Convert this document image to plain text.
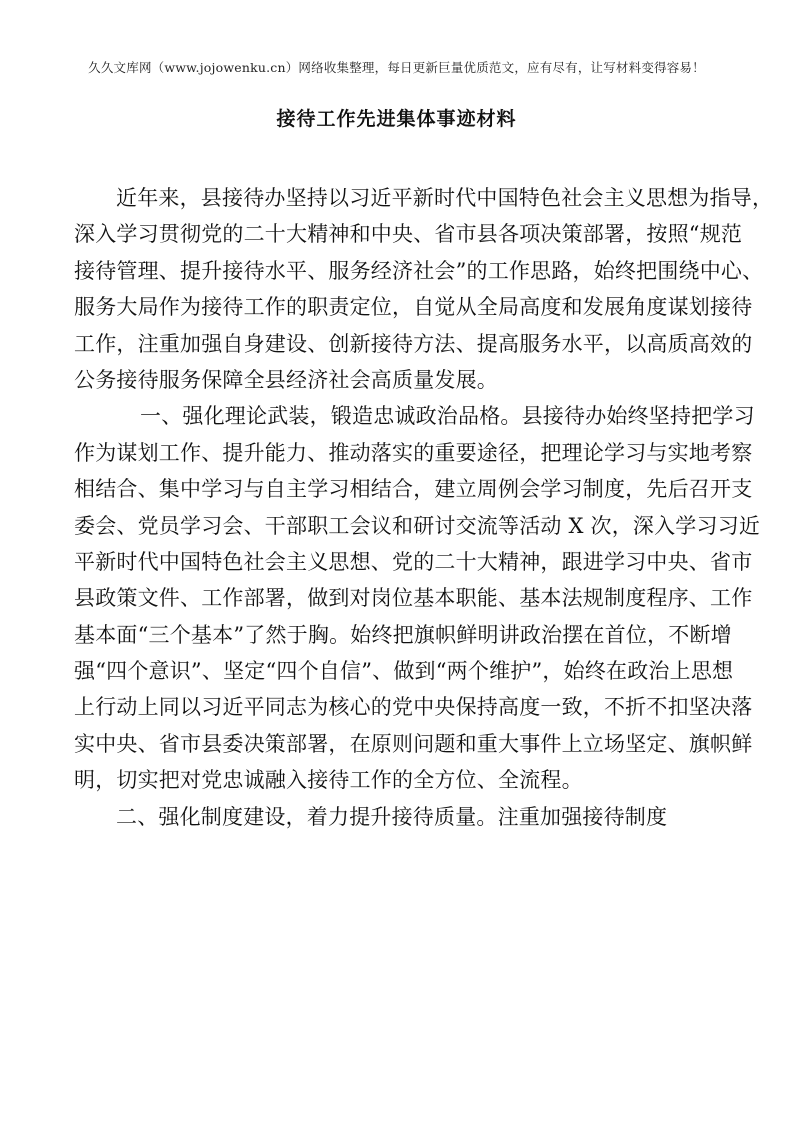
久久文库网（www.jojowenku.cn）网络收集整理，每日更新巨量优质范文，应有尽有，让写材料变得容易！
接待工作先进集体事迹材料
近年来，县接待办坚持以习近平新时代中国特色社会主义思想为指导，
深入学习贯彻党的二十大精神和中央、省市县各项决策部署，按照“规范
接待管理、提升接待水平、服务经济社会”的工作思路，始终把围绕中心、
服务大局作为接待工作的职责定位，自觉从全局高度和发展角度谋划接待
工作，注重加强自身建设、创新接待方法、提高服务水平，以高质高效的
公务接待服务保障全县经济社会高质量发展。
一、强化理论武装，锻造忠诚政治品格。县接待办始终坚持把学习
作为谋划工作、提升能力、推动落实的重要途径，把理论学习与实地考察
相结合、集中学习与自主学习相结合，建立周例会学习制度，先后召开支
委会、党员学习会、干部职工会议和研讨交流等活动 X 次，深入学习习近
平新时代中国特色社会主义思想、党的二十大精神，跟进学习中央、省市
县政策文件、工作部署，做到对岗位基本职能、基本法规制度程序、工作
基本面“三个基本”了然于胸。始终把旗帜鲜明讲政治摆在首位，不断增
强“四个意识”、坚定“四个自信”、做到“两个维护”，始终在政治上思想
上行动上同以习近平同志为核心的党中央保持高度一致，不折不扣坚决落
实中央、省市县委决策部署，在原则问题和重大事件上立场坚定、旗帜鲜
明，切实把对党忠诚融入接待工作的全方位、全流程。
二、强化制度建设，着力提升接待质量。注重加强接待制度
